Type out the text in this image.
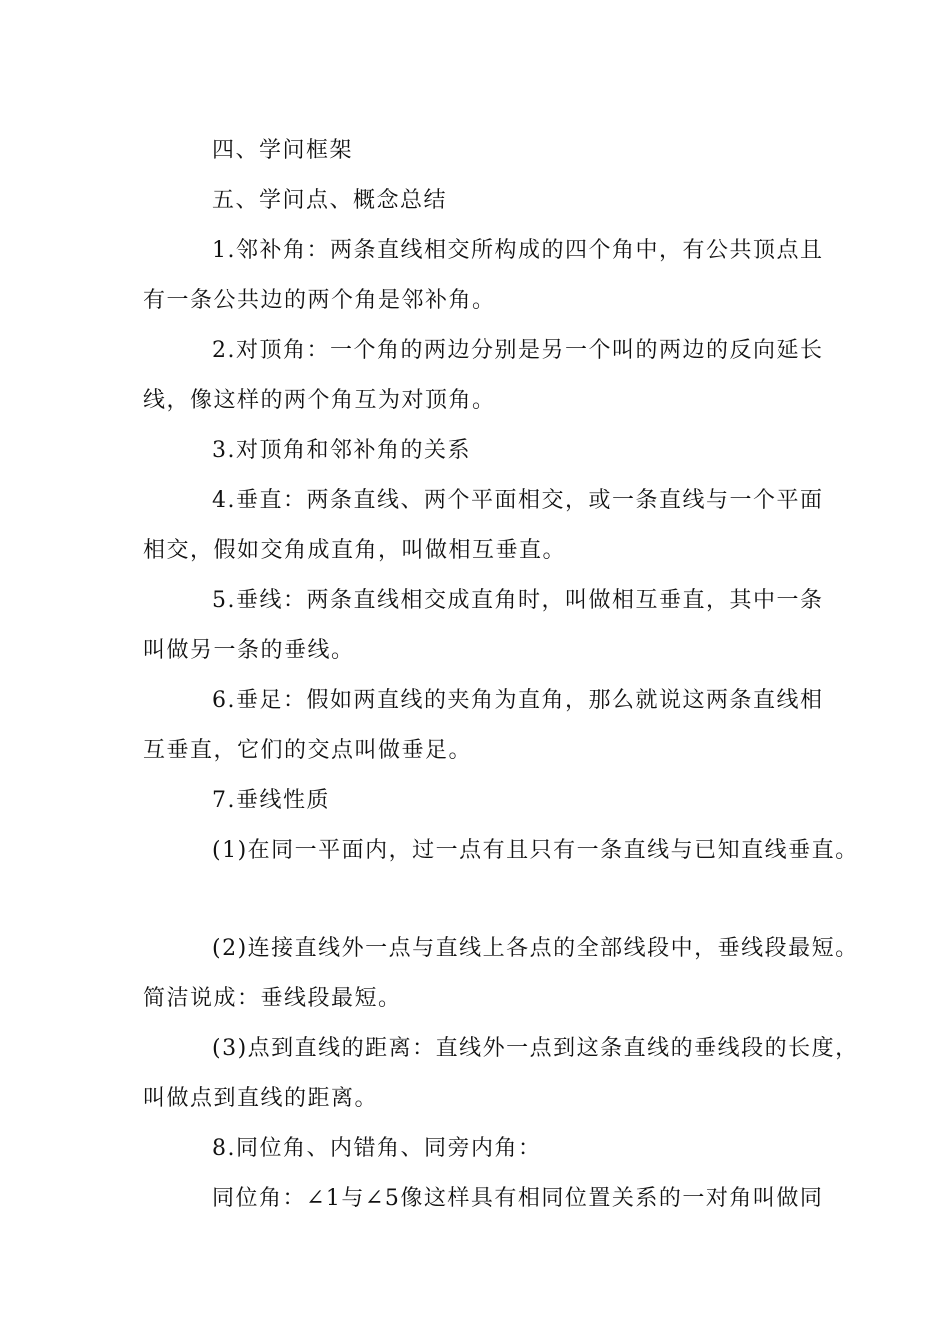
四、学问框架
五、学问点、概念总结
1.邻补角：两条直线相交所构成的四个角中，有公共顶点且
有一条公共边的两个角是邻补角。
2.对顶角：一个角的两边分别是另一个叫的两边的反向延长
线，像这样的两个角互为对顶角。
3.对顶角和邻补角的关系
4.垂直：两条直线、两个平面相交，或一条直线与一个平面
相交，假如交角成直角，叫做相互垂直。
5.垂线：两条直线相交成直角时，叫做相互垂直，其中一条
叫做另一条的垂线。
6.垂足：假如两直线的夹角为直角，那么就说这两条直线相
互垂直，它们的交点叫做垂足。
7.垂线性质
(1)在同一平面内，过一点有且只有一条直线与已知直线垂直。
(2)连接直线外一点与直线上各点的全部线段中，垂线段最短。
简洁说成：垂线段最短。
(3)点到直线的距离：直线外一点到这条直线的垂线段的长度，
叫做点到直线的距离。
8.同位角、内错角、同旁内角：
同位角：∠1与∠5像这样具有相同位置关系的一对角叫做同
